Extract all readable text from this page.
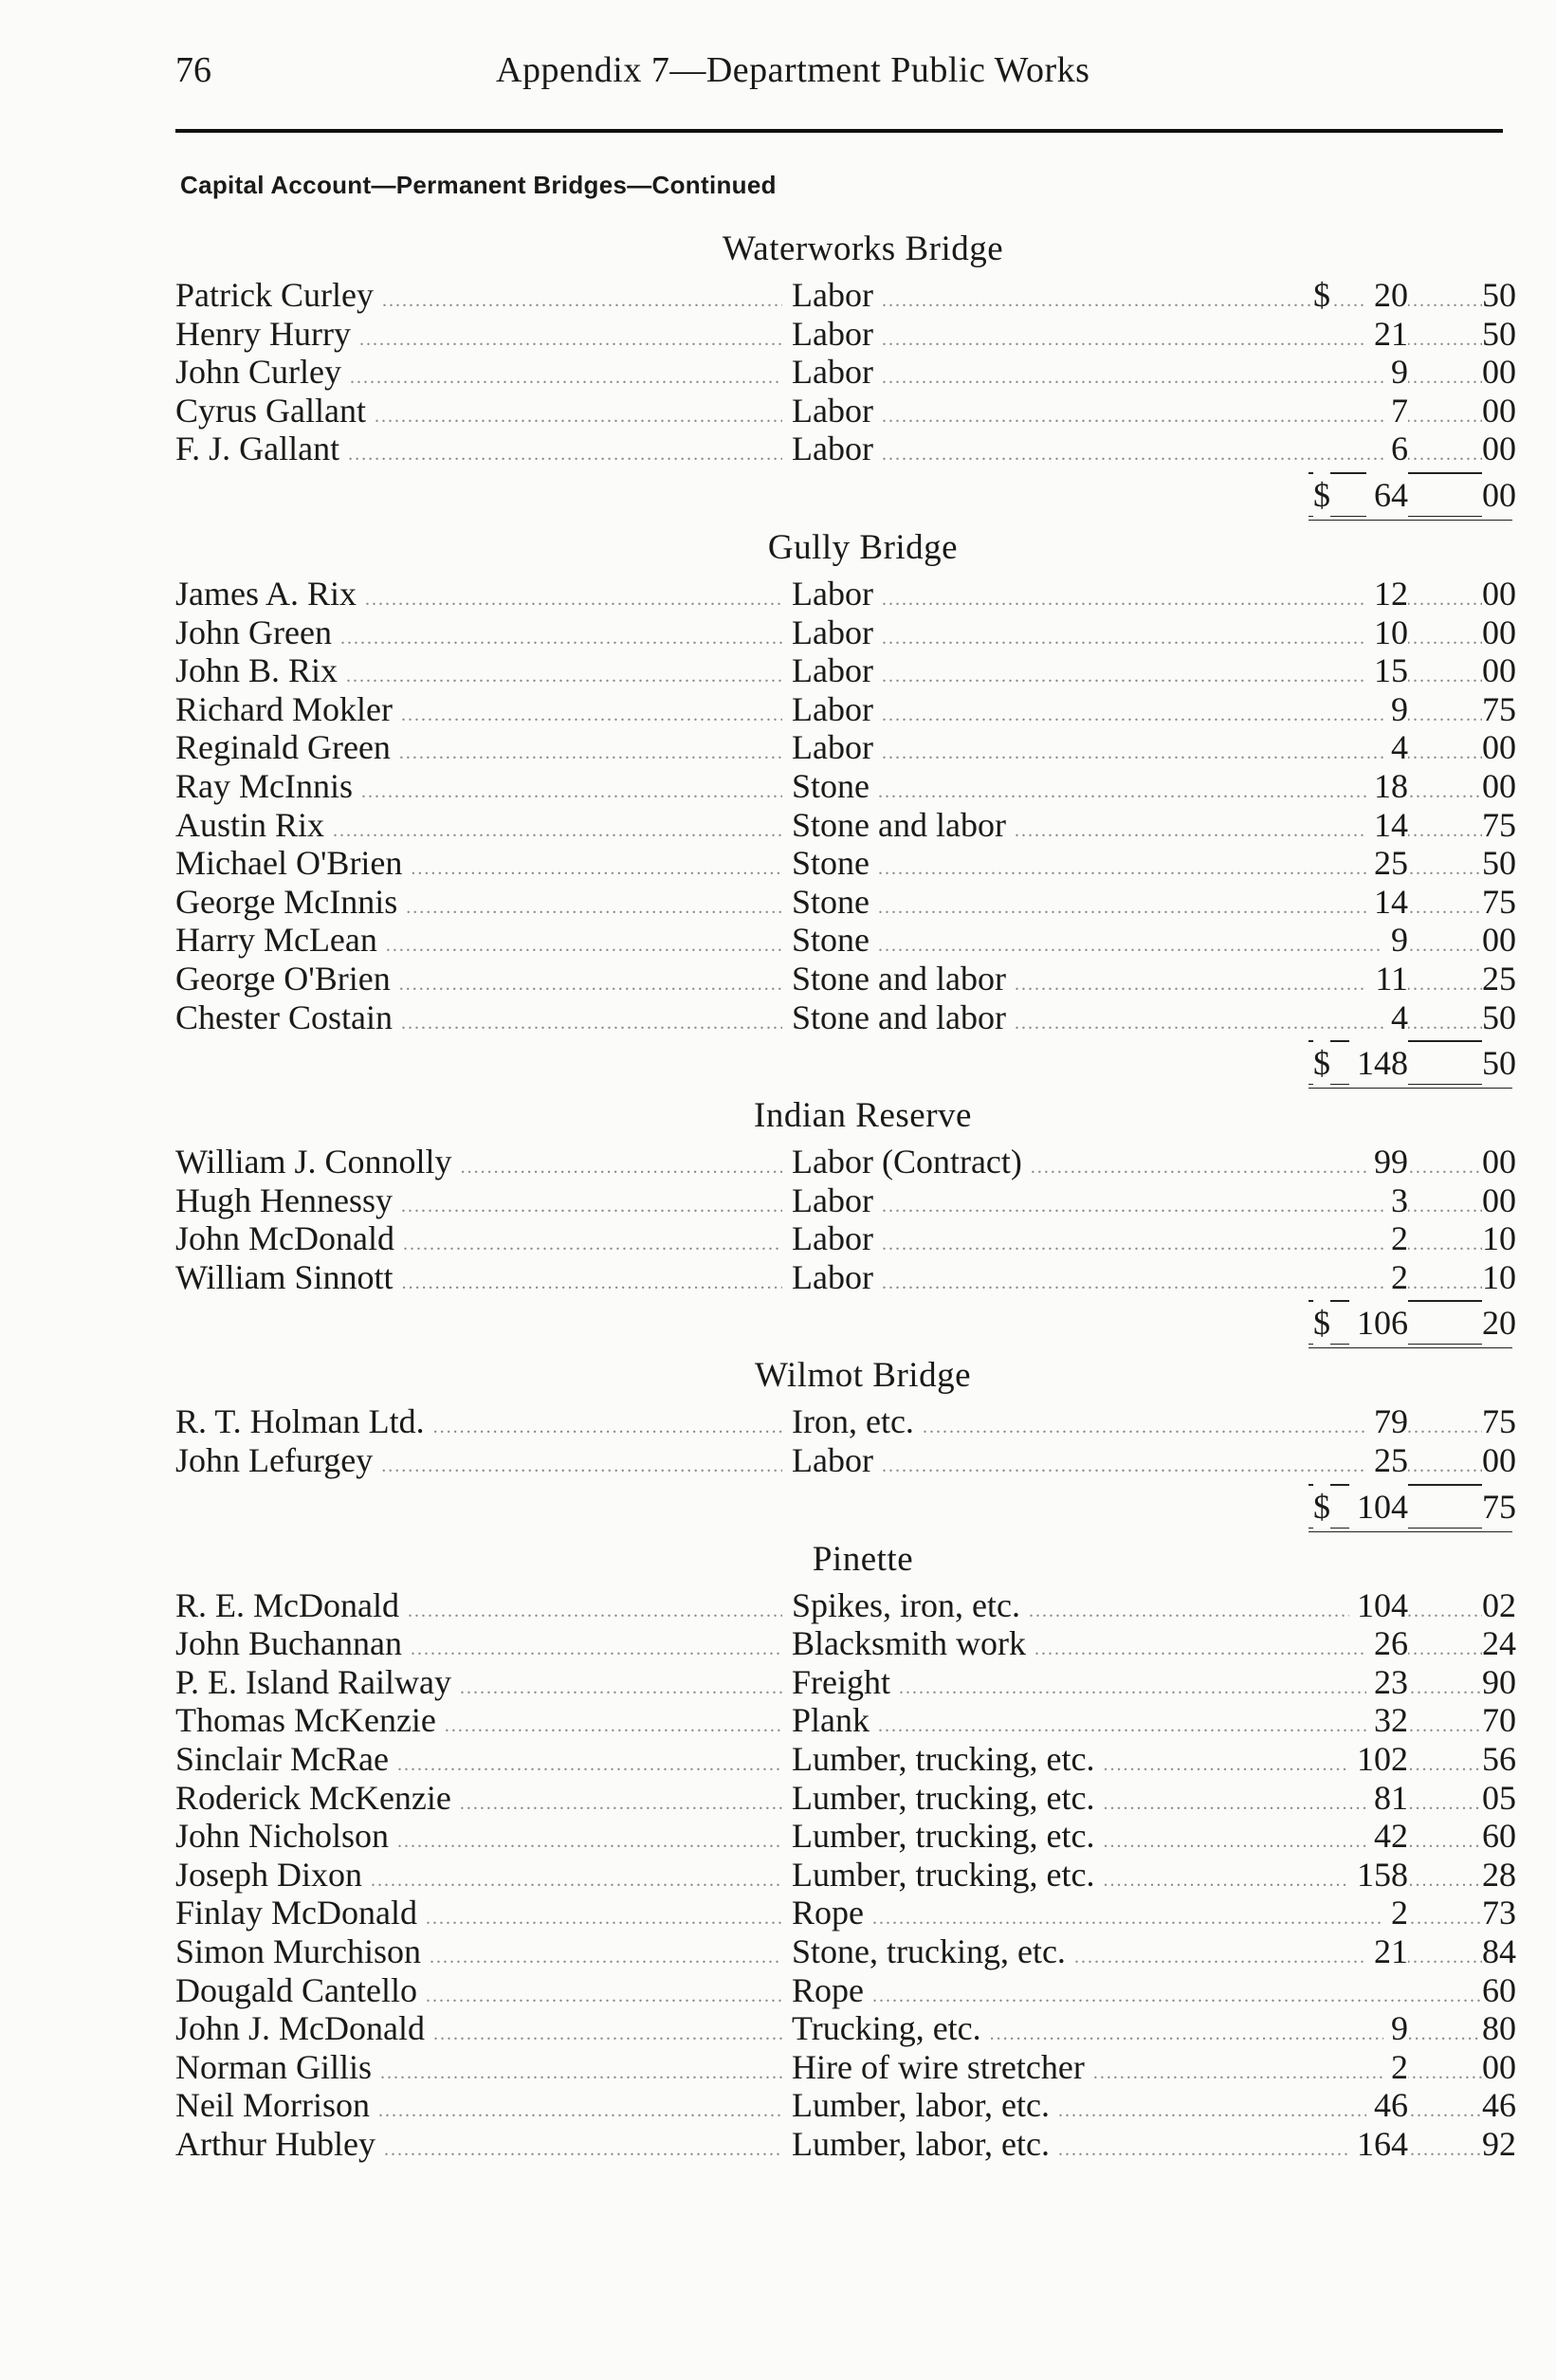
76	Appendix 7—Department Public Works
Capital Account—Permanent Bridges—Continued
Waterworks Bridge
Patrick Curley .....	Labor .....	$ 20 50
Henry Hurry .....	Labor .....	21 50
John Curley .....	Labor .....	9 00
Cyrus Gallant .....	Labor .....	7 00
F. J. Gallant .....	Labor .....	6 00
$ 64 00
Gully Bridge
James A. Rix .....	Labor .....	12 00
John Green .....	Labor .....	10 00
John B. Rix .....	Labor .....	15 00
Richard Mokler .....	Labor .....	9 75
Reginald Green .....	Labor .....	4 00
Ray McInnis .....	Stone .....	18 00
Austin Rix .....	Stone and labor .....	14 75
Michael O'Brien .....	Stone .....	25 50
George McInnis .....	Stone .....	14 75
Harry McLean .....	Stone .....	9 00
George O'Brien .....	Stone and labor .....	11 25
Chester Costain .....	Stone and labor .....	4 50
$ 148 50
Indian Reserve
William J. Connolly .....	Labor (Contract) .....	99 00
Hugh Hennessy .....	Labor .....	3 00
John McDonald .....	Labor .....	2 10
William Sinnott .....	Labor .....	2 10
$ 106 20
Wilmot Bridge
R. T. Holman Ltd. .....	Iron, etc. .....	79 75
John Lefurgey .....	Labor .....	25 00
$ 104 75
Pinette
R. E. McDonald .....	Spikes, iron, etc. .....	104 02
John Buchannan .....	Blacksmith work .....	26 24
P. E. Island Railway .....	Freight .....	23 90
Thomas McKenzie .....	Plank .....	32 70
Sinclair McRae .....	Lumber, trucking, etc. .....	102 56
Roderick McKenzie .....	Lumber, trucking, etc. .....	81 05
John Nicholson .....	Lumber, trucking, etc. .....	42 60
Joseph Dixon .....	Lumber, trucking, etc. .....	158 28
Finlay McDonald .....	Rope .....	2 73
Simon Murchison .....	Stone, trucking, etc. .....	21 84
Dougald Cantello .....	Rope .....	60
John J. McDonald .....	Trucking, etc. .....	9 80
Norman Gillis .....	Hire of wire stretcher .....	2 00
Neil Morrison .....	Lumber, labor, etc. .....	46 46
Arthur Hubley .....	Lumber, labor, etc. .....	164 92
